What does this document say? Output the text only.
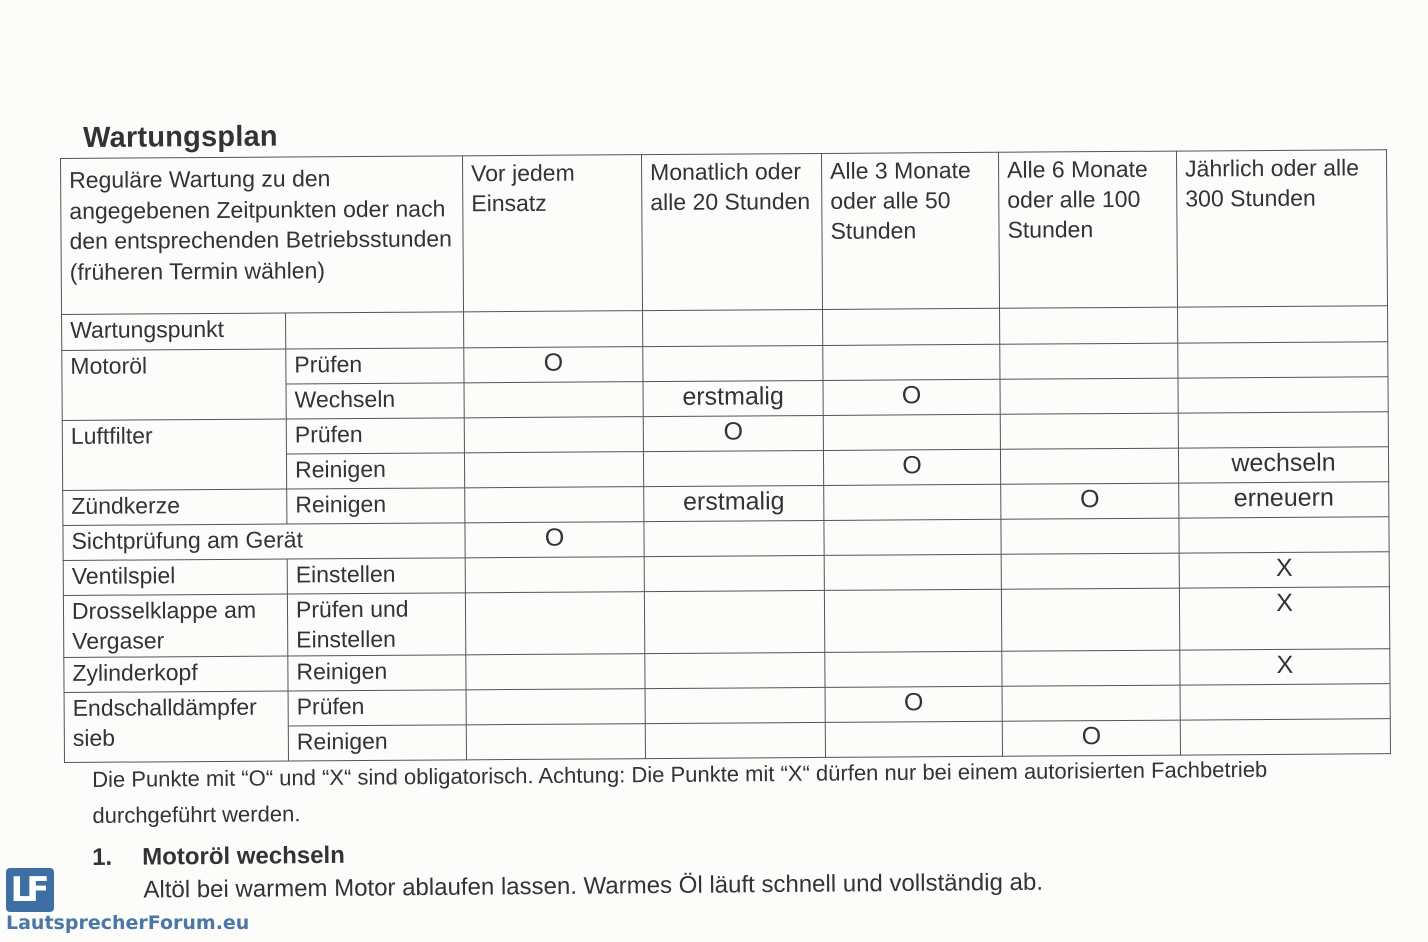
Wartungsplan
Reguläre Wartung zu den angegebenen Zeitpunkten oder nach den entsprechenden Betriebsstunden (früheren Termin wählen)		Vor jedem Einsatz	Monatlich oder alle 20 Stunden	Alle 3 Monate oder alle 50 Stunden	Alle 6 Monate oder alle 100 Stunden	Jährlich oder alle 300 Stunden
Wartungspunkt						
Motoröl	Prüfen	O				
	Wechseln		erstmalig	O		
Luftfilter	Prüfen		O			
	Reinigen			O		wechseln
Zündkerze	Reinigen		erstmalig		O	erneuern
Sichtprüfung am Gerät		O				
Ventilspiel	Einstellen					X
Drosselklappe am Vergaser	Prüfen und Einstellen					X
Zylinderkopf	Reinigen					X
Endschalldämpfer sieb	Prüfen			O		
	Reinigen				O	
Die Punkte mit “O“ und “X“ sind obligatorisch. Achtung: Die Punkte mit “X“ dürfen nur bei einem autorisierten Fachbetrieb durchgeführt werden.
1. Motoröl wechseln
Altöl bei warmem Motor ablaufen lassen. Warmes Öl läuft schnell und vollständig ab.
LF
LautsprecherForum.eu
